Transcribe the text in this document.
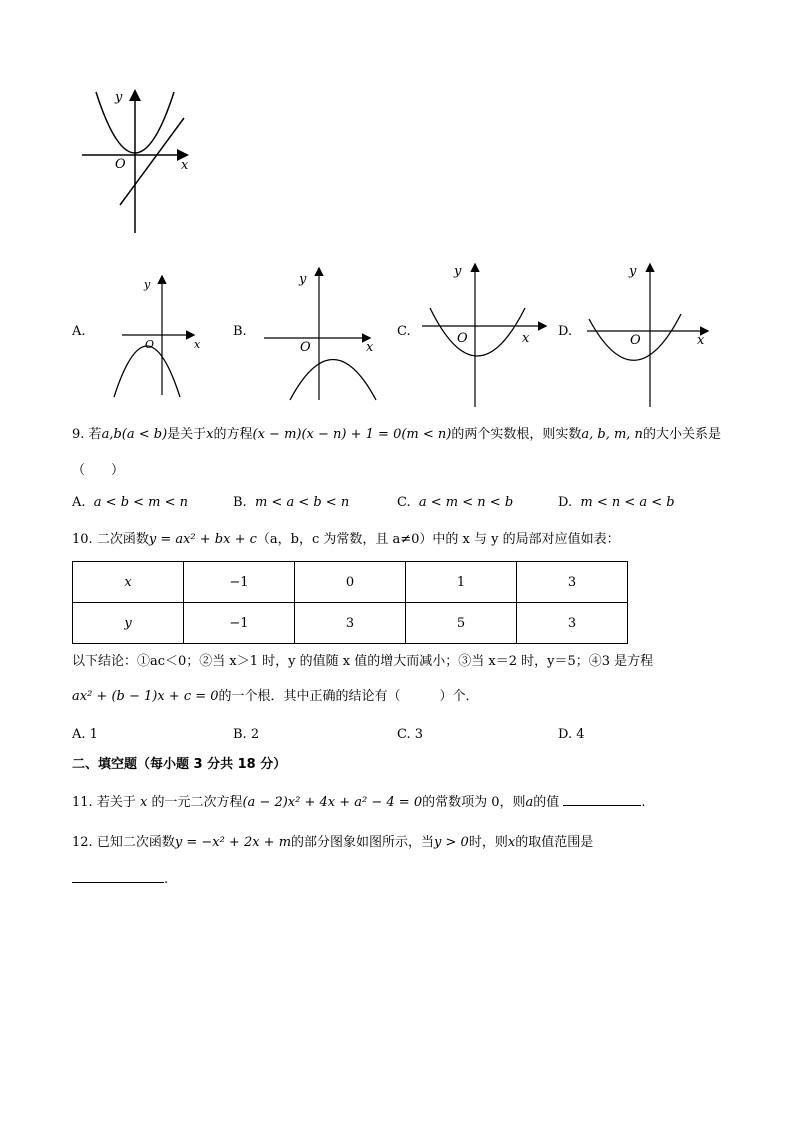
y
x
O
A.
y
x
O
B.
y
x
O
C.
y
x
O	D.
y
x
O
9. 若a,b(a < b)是关于x的方程(x − m)(x − n) + 1 = 0(m < n)的两个实数根，则实数a, b, m, n的大小关系是
（　　）
A. a < b < m < n	B. m < a < b < n	C. a < m < n < b	D. m < n < a < b
10. 二次函数y = ax² + bx + c（a，b，c 为常数，且 a≠0）中的 x 与 y 的局部对应值如表：
x	−1	0	1	3
y	−1	3	5	3
以下结论：①ac＜0；②当 x＞1 时，y 的值随 x 值的增大而减小；③当 x＝2 时，y＝5；④3 是方程
ax² + (b − 1)x + c = 0的一个根．其中正确的结论有（　　　）个．
A. 1	B. 2	C. 3	D. 4
二、填空题（每小题 3 分共 18 分）
11. 若关于 x 的一元二次方程(a − 2)x² + 4x + a² − 4 = 0的常数项为 0，则a的值	.
12. 已知二次函数y = −x² + 2x + m的部分图象如图所示，当y > 0时，则x的取值范围是
.
